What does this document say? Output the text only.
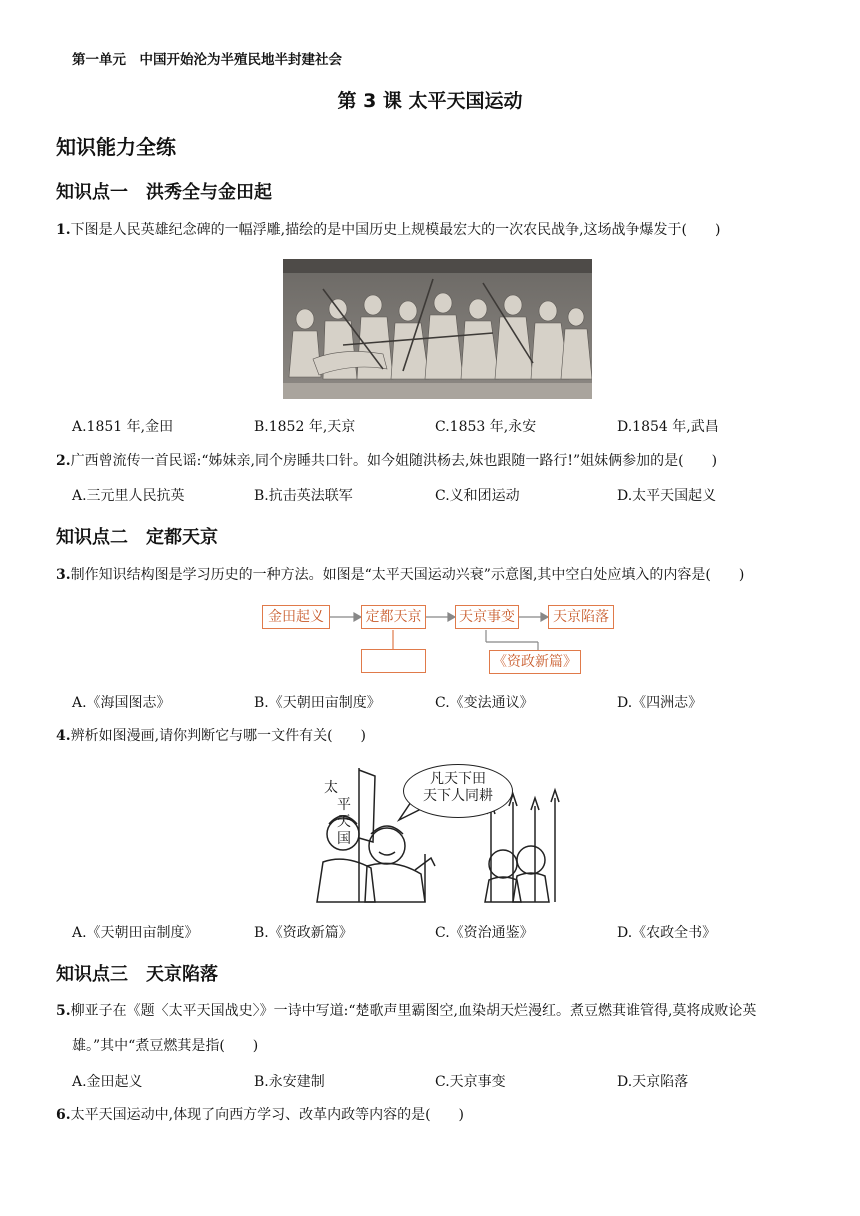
第一单元　中国开始沦为半殖民地半封建社会
第 3 课 太平天国运动
知识能力全练
知识点一　洪秀全与金田起
1.下图是人民英雄纪念碑的一幅浮雕,描绘的是中国历史上规模最宏大的一次农民战争,这场战争爆发于(　　)
A.1851 年,金田	B.1852 年,天京	C.1853 年,永安	D.1854 年,武昌
2.广西曾流传一首民谣:“姊妹亲,同个房睡共口针。如今姐随洪杨去,妹也跟随一路行!”姐妹俩参加的是(　　)
A.三元里人民抗英	B.抗击英法联军	C.义和团运动	D.太平天国起义
知识点二　定都天京
3.制作知识结构图是学习历史的一种方法。如图是“太平天国运动兴衰”示意图,其中空白处应填入的内容是(　　)
金田起义	定都天京	天京事变	天京陷落
《资政新篇》
A.《海国图志》	B.《天朝田亩制度》	C.《变法通议》	D.《四洲志》
4.辨析如图漫画,请你判断它与哪一文件有关(　　)
太
平
天
国
凡天下田
天下人同耕
A.《天朝田亩制度》	B.《资政新篇》	C.《资治通鉴》	D.《农政全书》
知识点三　天京陷落
5.柳亚子在《题〈太平天国战史〉》一诗中写道:“楚歌声里霸图空,血染胡天烂漫红。煮豆燃萁谁管得,莫将成败论英
雄。”其中“煮豆燃萁是指(　　)
A.金田起义	B.永安建制	C.天京事变	D.天京陷落
6.太平天国运动中,体现了向西方学习、改革内政等内容的是(　　)
